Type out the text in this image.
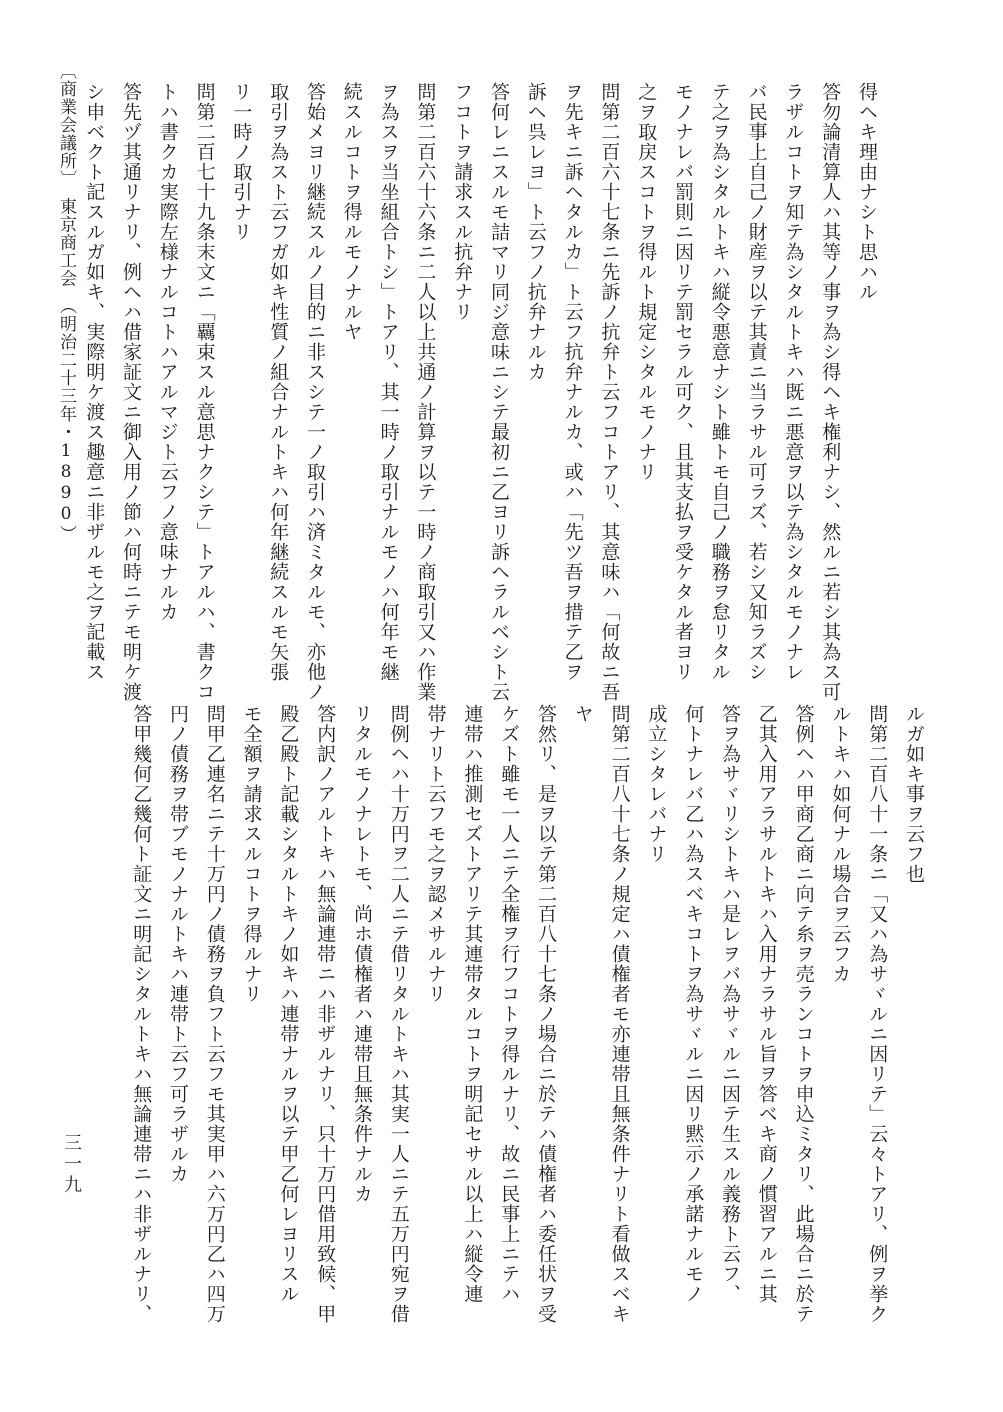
得ヘキ理由ナシト思ハル
答勿論清算人ハ其等ノ事ヲ為シ得ヘキ権利ナシ、然ルニ若シ其為ス可
ラザルコトヲ知テ為シタルトキハ既ニ悪意ヲ以テ為シタルモノナレ
バ民事上自己ノ財産ヲ以テ其責ニ当ラサル可ラズ、若シ又知ラズシ
テ之ヲ為シタルトキハ縦令悪意ナシト雖トモ自己ノ職務ヲ怠リタル
モノナレバ罰則ニ因リテ罰セラル可ク、且其支払ヲ受ケタル者ヨリ
之ヲ取戻スコトヲ得ルト規定シタルモノナリ
問第二百六十七条ニ先訴ノ抗弁ト云フコトアリ、其意味ハ「何故ニ吾
ヲ先キニ訴ヘタルカ」ト云フ抗弁ナルカ、或ハ「先ツ吾ヲ措テ乙ヲ
訴ヘ呉レヨ」ト云フノ抗弁ナルカ
答何レニスルモ詰マリ同ジ意味ニシテ最初ニ乙ヨリ訴ヘラルベシト云
フコトヲ請求スル抗弁ナリ
問第二百六十六条ニ二人以上共通ノ計算ヲ以テ一時ノ商取引又ハ作業
ヲ為スヲ当坐組合トシ」トアリ、其一時ノ取引ナルモノハ何年モ継
続スルコトヲ得ルモノナルヤ
答始メヨリ継続スルノ目的ニ非スシテ一ノ取引ハ済ミタルモ、亦他ノ
取引ヲ為スト云フガ如キ性質ノ組合ナルトキハ何年継続スルモ矢張
リ一時ノ取引ナリ
問第二百七十九条末文ニ「覊束スル意思ナクシテ」トアルハ、書クコ
トハ書クカ実際左様ナルコトハアルマジト云フノ意味ナルカ
答先ヅ其通リナリ、例ヘハ借家証文ニ御入用ノ節ハ何時ニテモ明ケ渡
シ申ベクト記スルガ如キ、実際明ケ渡ス趣意ニ非ザルモ之ヲ記載ス
ルガ如キ事ヲ云フ也
問第二百八十一条ニ「又ハ為サヾルニ因リテ」云々トアリ、例ヲ挙ク
ルトキハ如何ナル場合ヲ云フカ
答例ヘハ甲商乙商ニ向テ糸ヲ売ランコトヲ申込ミタリ、此場合ニ於テ
乙其入用アラサルトキハ入用ナラサル旨ヲ答ベキ商ノ慣習アルニ其
答ヲ為サヾリシトキハ是レヲバ為サヾルニ因テ生スル義務ト云フ、
何トナレバ乙ハ為スベキコトヲ為サヾルニ因リ黙示ノ承諾ナルモノ
成立シタレバナリ
問第二百八十七条ノ規定ハ債権者モ亦連帯且無条件ナリト看做スベキ
ヤ
答然リ、是ヲ以テ第二百八十七条ノ場合ニ於テハ債権者ハ委任状ヲ受
ケズト雖モ一人ニテ全権ヲ行フコトヲ得ルナリ、故ニ民事上ニテハ
連帯ハ推測セズトアリテ其連帯タルコトヲ明記セサル以上ハ縦令連
帯ナリト云フモ之ヲ認メサルナリ
問例ヘハ十万円ヲ二人ニテ借リタルトキハ其実一人ニテ五万円宛ヲ借
リタルモノナレトモ、尚ホ債権者ハ連帯且無条件ナルカ
答内訳ノアルトキハ無論連帯ニハ非ザルナリ、只十万円借用致候、甲
殿乙殿ト記載シタルトキノ如キハ連帯ナルヲ以テ甲乙何レヨリスル
モ全額ヲ請求スルコトヲ得ルナリ
問甲乙連名ニテ十万円ノ債務ヲ負フト云フモ其実甲ハ六万円乙ハ四万
円ノ債務ヲ帯ブモノナルトキハ連帯ト云フ可ラザルカ
答甲幾何乙幾何ト証文ニ明記シタルトキハ無論連帯ニハ非ザルナリ、
〔商業会議所〕　東京商工会　（明治二十三年・1890）
三一九
